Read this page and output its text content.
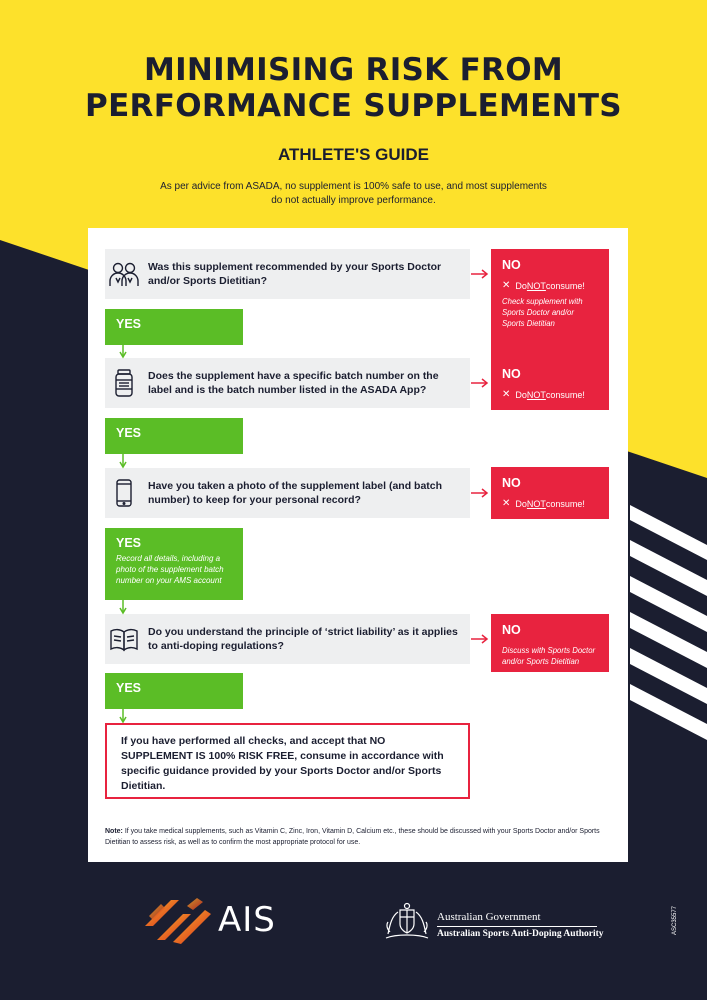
MINIMISING RISK FROM
PERFORMANCE SUPPLEMENTS
ATHLETE'S GUIDE
As per advice from ASADA, no supplement is 100% safe to use, and most supplements
do not actually improve performance.
Was this supplement recommended by your Sports Doctor and/or Sports Dietitian?
YES
NO
✕ Do NOT consume!
Check supplement with Sports Doctor and/or Sports Dietitian
Does the supplement have a specific batch number on the label and is the batch number listed in the ASADA App?
YES
NO
✕ Do NOT consume!
Have you taken a photo of the supplement label (and batch number) to keep for your personal record?
YES
Record all details, including a photo of the supplement batch number on your AMS account
NO
✕ Do NOT consume!
Do you understand the principle of ‘strict liability’ as it applies to anti-doping regulations?
YES
NO
Discuss with Sports Doctor and/or Sports Dietitian
If you have performed all checks, and accept that NO SUPPLEMENT IS 100% RISK FREE, consume in accordance with specific guidance provided by your Sports Doctor and/or Sports Dietitian.
Note: If you take medical supplements, such as Vitamin C, Zinc, Iron, Vitamin D, Calcium etc., these should be discussed with your Sports Doctor and/or Sports Dietitian to assess risk, as well as to confirm the most appropriate protocol for use.
AIS	Australian Government
Australian Sports Anti-Doping Authority	ASC35577
